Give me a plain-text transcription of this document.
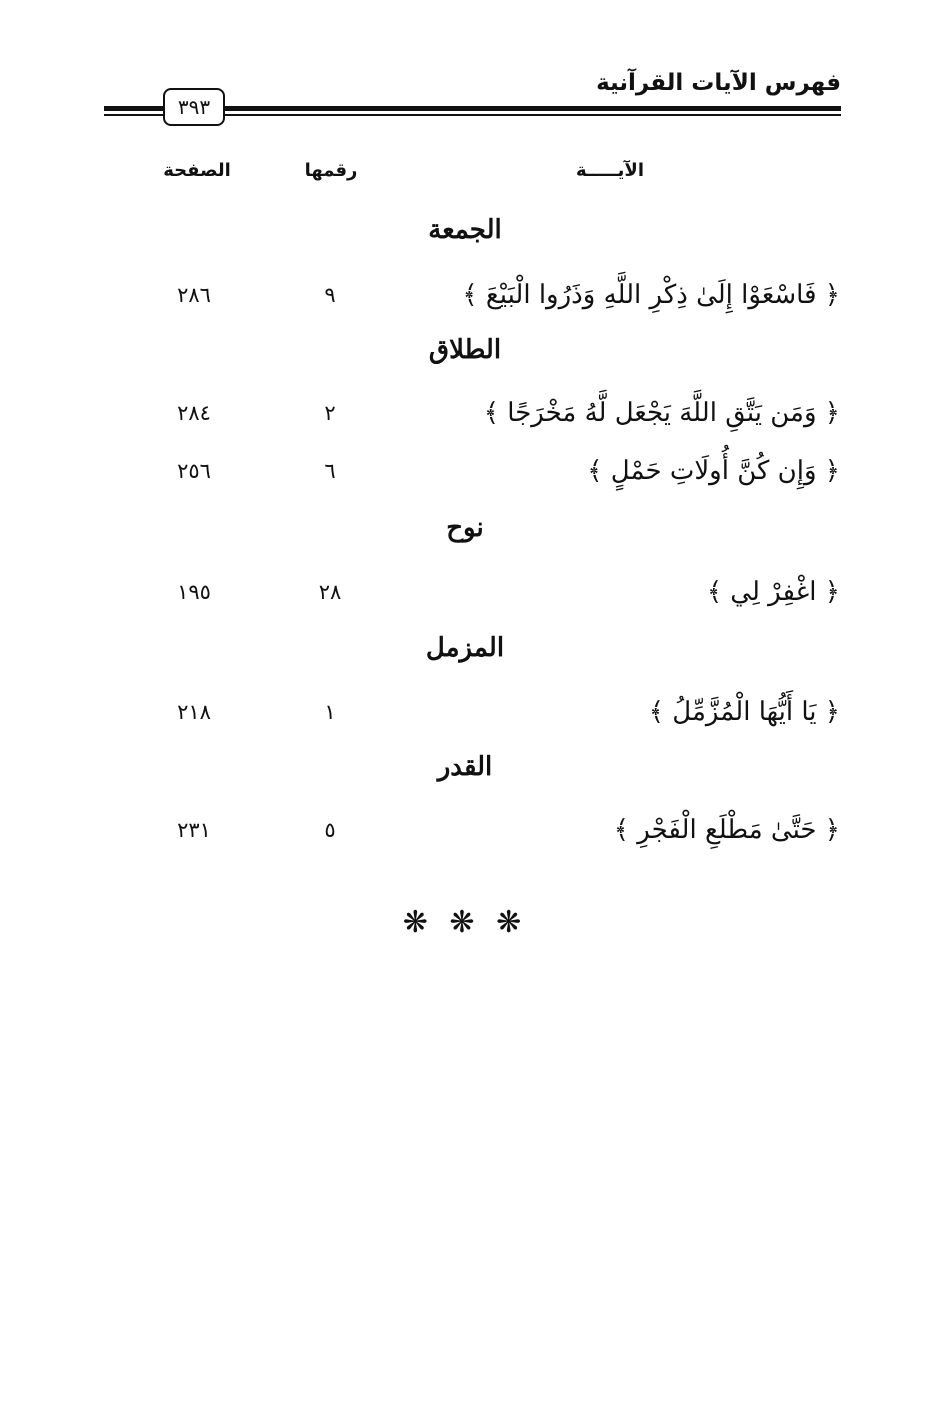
فهرس الآيات القرآنية
٣٩٣
الصفحة	رقمها	الآيـــــة
الجمعة
﴿ فَاسْعَوْا إِلَىٰ ذِكْرِ اللَّهِ وَذَرُوا الْبَيْعَ ﴾
٩
٢٨٦
الطلاق
﴿ وَمَن يَتَّقِ اللَّهَ يَجْعَل لَّهُ مَخْرَجًا ﴾
٢
٢٨٤
﴿ وَإِن كُنَّ أُولَاتِ حَمْلٍ ﴾
٦
٢٥٦
نوح
﴿ اغْفِرْ لِي ﴾
٢٨
١٩٥
المزمل
﴿ يَا أَيُّهَا الْمُزَّمِّلُ ﴾
١
٢١٨
القدر
﴿ حَتَّىٰ مَطْلَعِ الْفَجْرِ ﴾
٥
٢٣١
❋ ❋ ❋
